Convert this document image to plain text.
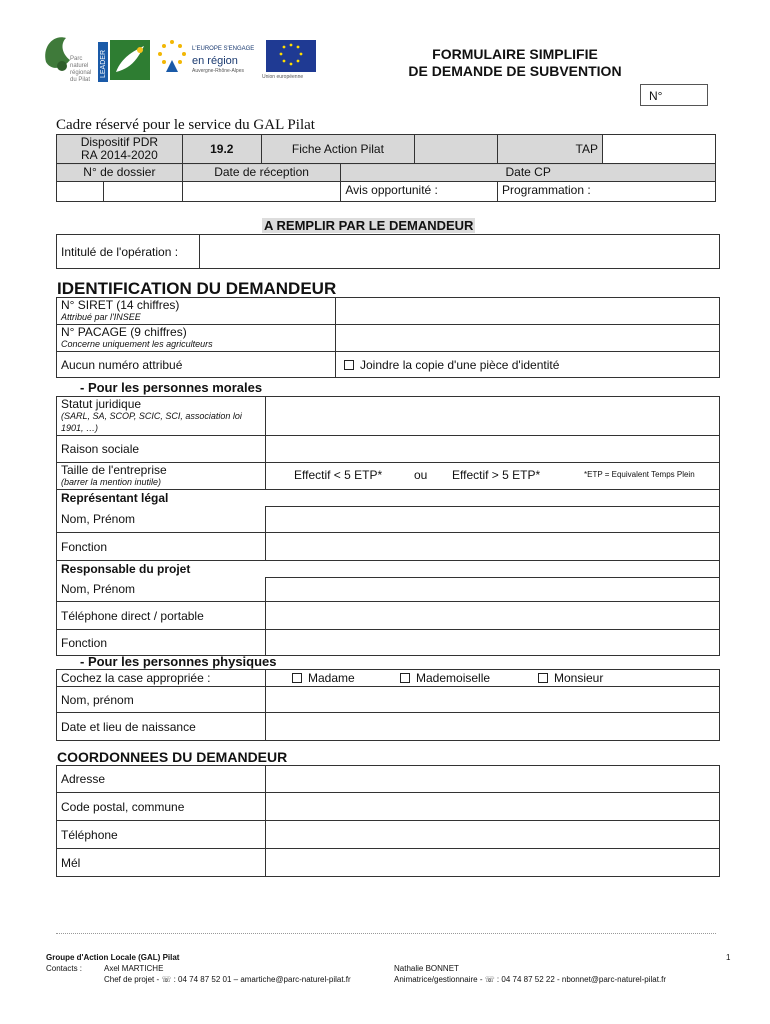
Parc
naturel
régional
du Pilat
LEADER
L'EUROPE S'ENGAGE
en région
Auvergne-Rhône-Alpes
Union européenne
FORMULAIRE SIMPLIFIE
DE DEMANDE DE SUBVENTION
N°
Cadre réservé pour le service du GAL Pilat
Dispositif PDR
RA 2014-2020		19.2	Fiche Action Pilat			TAP	
N° de dossier		Date de réception		Date CP			
				Avis opportunité :		Programmation :	
A REMPLIR PAR LE DEMANDEUR
Intitulé de l'opération :	
IDENTIFICATION DU DEMANDEUR
N° SIRET (14 chiffres)
Attribué par l'INSEE	

N° PACAGE (9 chiffres)
Concerne uniquement les agriculteurs	

Aucun numéro attribué	Joindre la copie d'une pièce d'identité
- Pour les personnes morales
Statut juridique
(SARL, SA, SCOP, SCIC, SCI, association loi 1901, …)	

Raison sociale	
Taille de l'entreprise
(barrer la mention inutile)	Effectif < 5 ETP* ou Effectif > 5 ETP* *ETP = Equivalent Temps Plein

Représentant légal	
Nom, Prénom	
Fonction	
Responsable du projet	
Nom, Prénom	
Téléphone direct / portable	
Fonction	
- Pour les personnes physiques
Cochez la case appropriée :	Madame Mademoiselle Monsieur

Nom, prénom	
Date et lieu de naissance	
COORDONNEES DU DEMANDEUR
Adresse	
Code postal, commune	
Téléphone	
Mél	
Groupe d'Action Locale (GAL) Pilat	1
Contacts :	Axel MARTICHE
Chef de projet - ☏ : 04 74 87 52 01 – amartiche@parc-naturel-pilat.fr
Nathalie BONNET
Animatrice/gestionnaire - ☏ : 04 74 87 52 22 - nbonnet@parc-naturel-pilat.fr
